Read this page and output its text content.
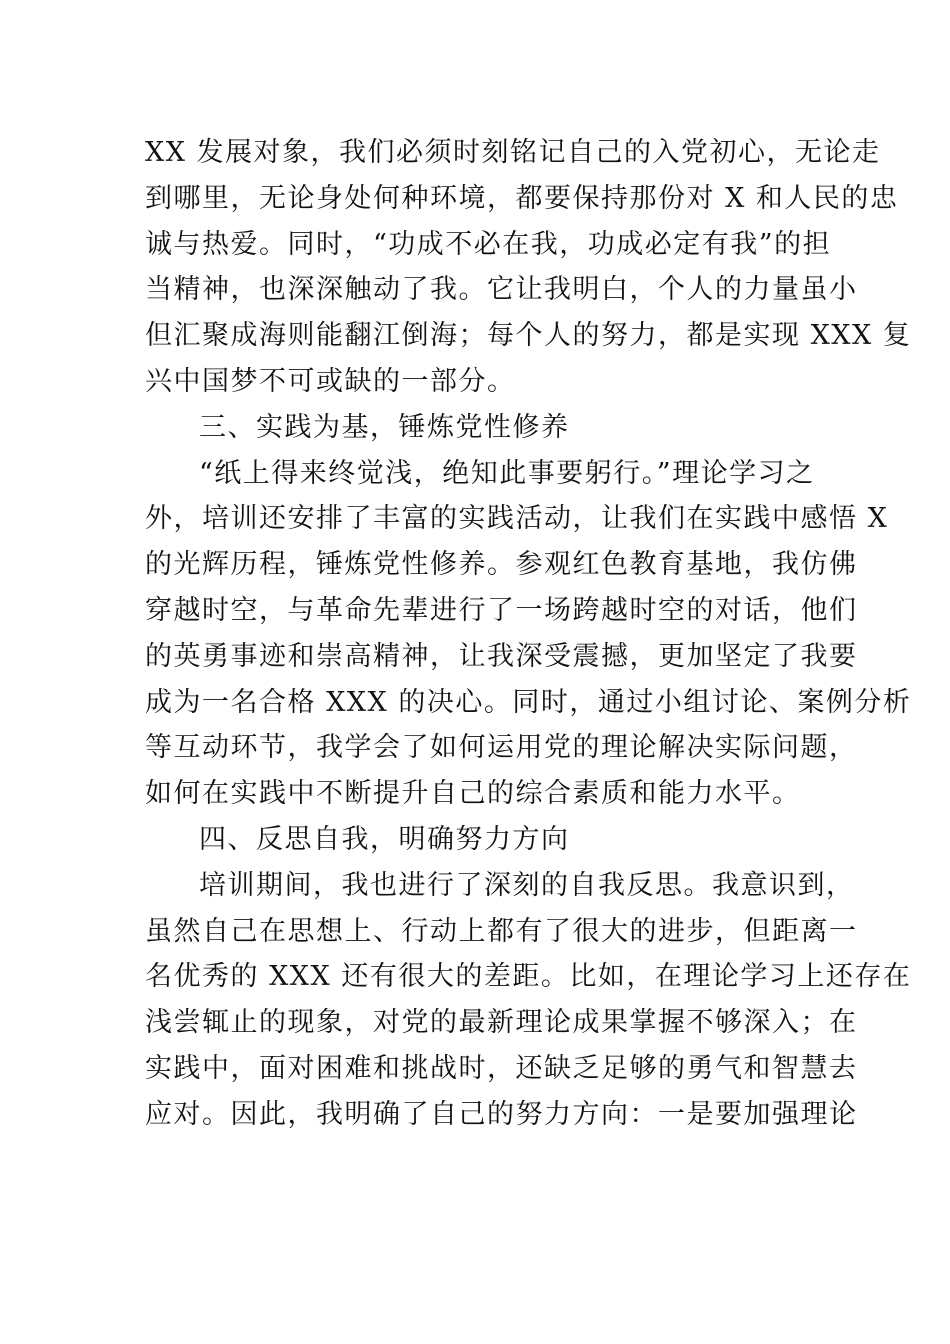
XX 发展对象，我们必须时刻铭记自己的入党初心，无论走
到哪里，无论身处何种环境，都要保持那份对 X 和人民的忠
诚与热爱。同时，“功成不必在我，功成必定有我”的担
当精神，也深深触动了我。它让我明白，个人的力量虽小
但汇聚成海则能翻江倒海；每个人的努力，都是实现 XXX 复
兴中国梦不可或缺的一部分。
三、实践为基，锤炼党性修养
“纸上得来终觉浅，绝知此事要躬行。”理论学习之
外，培训还安排了丰富的实践活动，让我们在实践中感悟 X
的光辉历程，锤炼党性修养。参观红色教育基地，我仿佛
穿越时空，与革命先辈进行了一场跨越时空的对话，他们
的英勇事迹和崇高精神，让我深受震撼，更加坚定了我要
成为一名合格 XXX 的决心。同时，通过小组讨论、案例分析
等互动环节，我学会了如何运用党的理论解决实际问题，
如何在实践中不断提升自己的综合素质和能力水平。
四、反思自我，明确努力方向
培训期间，我也进行了深刻的自我反思。我意识到，
虽然自己在思想上、行动上都有了很大的进步，但距离一
名优秀的 XXX 还有很大的差距。比如，在理论学习上还存在
浅尝辄止的现象，对党的最新理论成果掌握不够深入；在
实践中，面对困难和挑战时，还缺乏足够的勇气和智慧去
应对。因此，我明确了自己的努力方向：一是要加强理论
